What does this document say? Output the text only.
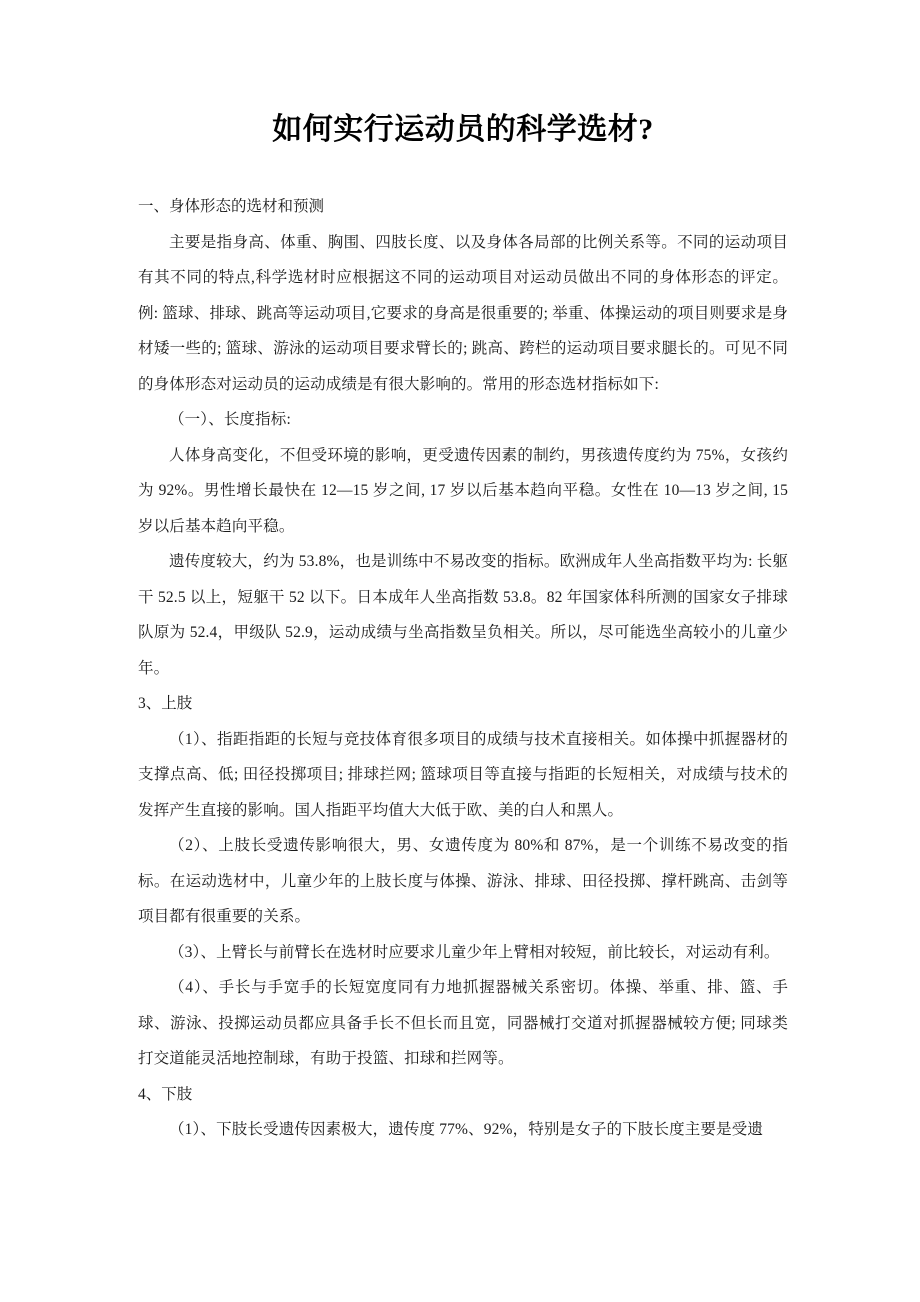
如何实行运动员的科学选材?

一、身体形态的选材和预测

主要是指身高、体重、胸围、四肢长度、以及身体各局部的比例关系等。不同的运动项目有其不同的特点,科学选材时应根据这不同的运动项目对运动员做出不同的身体形态的评定。例: 篮球、排球、跳高等运动项目,它要求的身高是很重要的; 举重、体操运动的项目则要求是身材矮一些的; 篮球、游泳的运动项目要求臂长的; 跳高、跨栏的运动项目要求腿长的。可见不同的身体形态对运动员的运动成绩是有很大影响的。常用的形态选材指标如下:

（一）、长度指标:

人体身高变化，不但受环境的影响，更受遗传因素的制约，男孩遗传度约为 75%，女孩约为 92%。男性增长最快在 12—15 岁之间, 17 岁以后基本趋向平稳。女性在 10—13 岁之间, 15 岁以后基本趋向平稳。

遗传度较大，约为 53.8%，也是训练中不易改变的指标。欧洲成年人坐高指数平均为: 长躯干 52.5 以上，短躯干 52 以下。日本成年人坐高指数 53.8。82 年国家体科所测的国家女子排球队原为 52.4，甲级队 52.9，运动成绩与坐高指数呈负相关。所以，尽可能选坐高较小的儿童少年。

3、上肢

（1）、指距指距的长短与竞技体育很多项目的成绩与技术直接相关。如体操中抓握器材的支撑点高、低; 田径投掷项目; 排球拦网; 篮球项目等直接与指距的长短相关，对成绩与技术的发挥产生直接的影响。国人指距平均值大大低于欧、美的白人和黑人。

（2）、上肢长受遗传影响很大，男、女遗传度为 80%和 87%，是一个训练不易改变的指标。在运动选材中，儿童少年的上肢长度与体操、游泳、排球、田径投掷、撑杆跳高、击剑等项目都有很重要的关系。

（3）、上臂长与前臂长在选材时应要求儿童少年上臂相对较短，前比较长，对运动有利。

（4）、手长与手宽手的长短宽度同有力地抓握器械关系密切。体操、举重、排、篮、手球、游泳、投掷运动员都应具备手长不但长而且宽，同器械打交道对抓握器械较方便; 同球类打交道能灵活地控制球，有助于投篮、扣球和拦网等。

4、下肢

（1）、下肢长受遗传因素极大，遗传度 77%、92%，特别是女子的下肢长度主要是受遗
